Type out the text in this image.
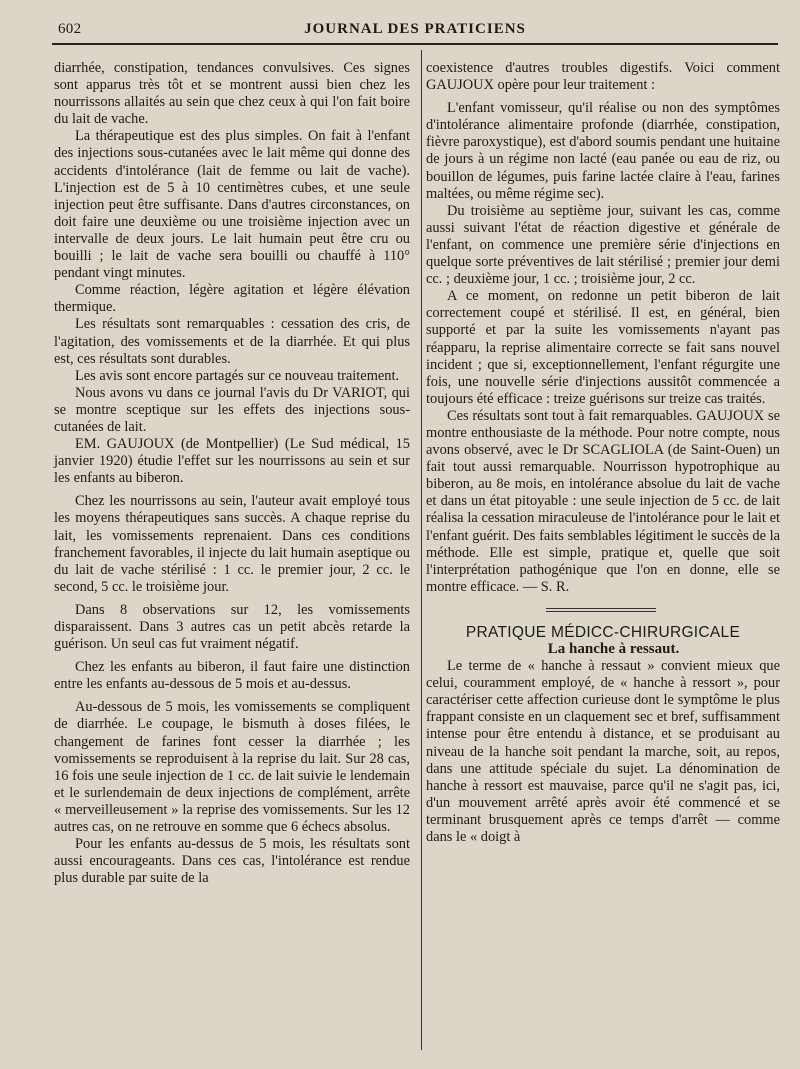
602	JOURNAL DES PRATICIENS

diarrhée, constipation, tendances convulsives. Ces signes sont apparus très tôt et se montrent aussi bien chez les nourrissons allaités au sein que chez ceux à qui l'on fait boire du lait de vache.

La thérapeutique est des plus simples. On fait à l'enfant des injections sous-cutanées avec le lait même qui donne des accidents d'intolérance (lait de femme ou lait de vache). L'injection est de 5 à 10 centimètres cubes, et une seule injection peut être suffisante. Dans d'autres circonstances, on doit faire une deuxième ou une troisième injection avec un intervalle de deux jours. Le lait humain peut être cru ou bouilli ; le lait de vache sera bouilli ou chauffé à 110° pendant vingt minutes.

Comme réaction, légère agitation et légère élévation thermique.

Les résultats sont remarquables : cessation des cris, de l'agitation, des vomissements et de la diarrhée. Et qui plus est, ces résultats sont durables.

Les avis sont encore partagés sur ce nouveau traitement.

Nous avons vu dans ce journal l'avis du Dr VARIOT, qui se montre sceptique sur les effets des injections sous-cutanées de lait.

EM. GAUJOUX (de Montpellier) (Le Sud médical, 15 janvier 1920) étudie l'effet sur les nourrissons au sein et sur les enfants au biberon.

Chez les nourrissons au sein, l'auteur avait employé tous les moyens thérapeutiques sans succès. A chaque reprise du lait, les vomissements reprenaient. Dans ces conditions franchement favorables, il injecte du lait humain aseptique ou du lait de vache stérilisé : 1 cc. le premier jour, 2 cc. le second, 5 cc. le troisième jour.

Dans 8 observations sur 12, les vomissements disparaissent. Dans 3 autres cas un petit abcès retarde la guérison. Un seul cas fut vraiment négatif.

Chez les enfants au biberon, il faut faire une distinction entre les enfants au-dessous de 5 mois et au-dessus.

Au-dessous de 5 mois, les vomissements se compliquent de diarrhée. Le coupage, le bismuth à doses filées, le changement de farines font cesser la diarrhée ; les vomissements se reproduisent à la reprise du lait. Sur 28 cas, 16 fois une seule injection de 1 cc. de lait suivie le lendemain et le surlendemain de deux injections de complément, arrête « merveilleusement » la reprise des vomissements. Sur les 12 autres cas, on ne retrouve en somme que 6 échecs absolus.

Pour les enfants au-dessus de 5 mois, les résultats sont aussi encourageants. Dans ces cas, l'intolérance est rendue plus durable par suite de la

coexistence d'autres troubles digestifs. Voici comment GAUJOUX opère pour leur traitement :

L'enfant vomisseur, qu'il réalise ou non des symptômes d'intolérance alimentaire profonde (diarrhée, constipation, fièvre paroxystique), est d'abord soumis pendant une huitaine de jours à un régime non lacté (eau panée ou eau de riz, ou bouillon de légumes, puis farine lactée claire à l'eau, farines maltées, ou même régime sec).

Du troisième au septième jour, suivant les cas, comme aussi suivant l'état de réaction digestive et générale de l'enfant, on commence une première série d'injections en quelque sorte préventives de lait stérilisé ; premier jour demi cc. ; deuxième jour, 1 cc. ; troisième jour, 2 cc.

A ce moment, on redonne un petit biberon de lait correctement coupé et stérilisé. Il est, en général, bien supporté et par la suite les vomissements n'ayant pas réapparu, la reprise alimentaire correcte se fait sans nouvel incident ; que si, exceptionnellement, l'enfant régurgite une fois, une nouvelle série d'injections aussitôt commencée a toujours été efficace : treize guérisons sur treize cas traités.

Ces résultats sont tout à fait remarquables. GAUJOUX se montre enthousiaste de la méthode. Pour notre compte, nous avons observé, avec le Dr SCAGLIOLA (de Saint-Ouen) un fait tout aussi remarquable. Nourrisson hypotrophique au biberon, au 8e mois, en intolérance absolue du lait de vache et dans un état pitoyable : une seule injection de 5 cc. de lait réalisa la cessation miraculeuse de l'intolérance pour le lait et l'enfant guérit. Des faits semblables légitiment le succès de la méthode. Elle est simple, pratique et, quelle que soit l'interprétation pathogénique que l'on en donne, elle se montre efficace. — S. R.

PRATIQUE MÉDICC-CHIRURGICALE

La hanche à ressaut.

Le terme de « hanche à ressaut » convient mieux que celui, couramment employé, de « hanche à ressort », pour caractériser cette affection curieuse dont le symptôme le plus frappant consiste en un claquement sec et bref, suffisamment intense pour être entendu à distance, et se produisant au niveau de la hanche soit pendant la marche, soit, au repos, dans une attitude spéciale du sujet. La dénomination de hanche à ressort est mauvaise, parce qu'il ne s'agit pas, ici, d'un mouvement arrêté après avoir été commencé et se terminant brusquement après ce temps d'arrêt — comme dans le « doigt à
